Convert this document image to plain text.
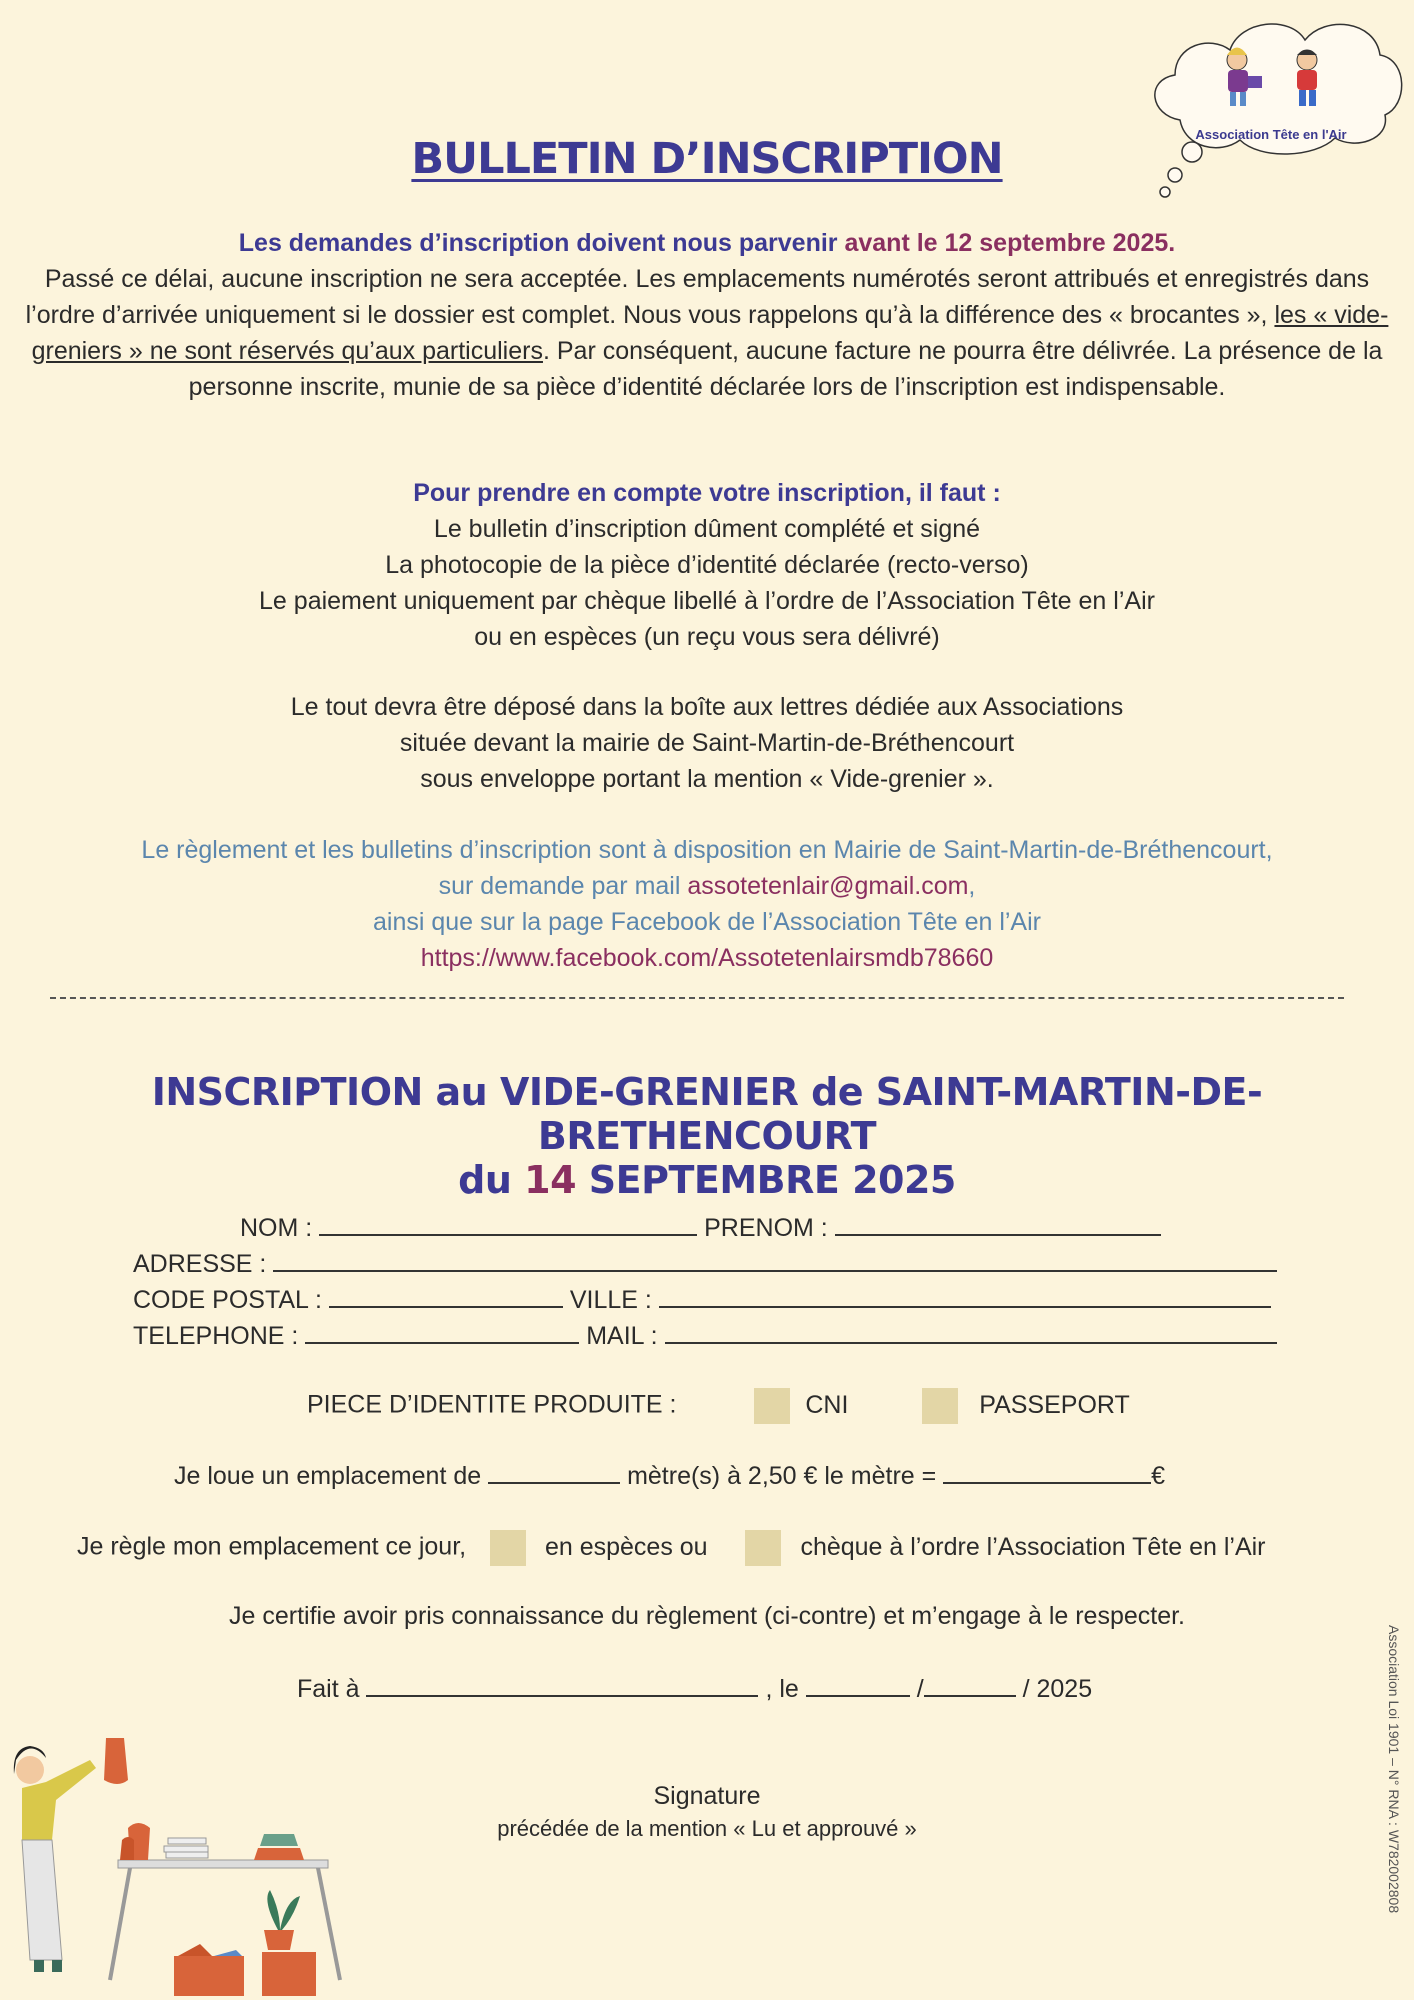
Association Tête en l'Air
BULLETIN D’INSCRIPTION
Les demandes d’inscription doivent nous parvenir avant le 12 septembre 2025.
Passé ce délai, aucune inscription ne sera acceptée. Les emplacements numérotés seront attribués et enregistrés dans l’ordre d’arrivée uniquement si le dossier est complet. Nous vous rappelons qu’à la différence des « brocantes », les « vide-greniers » ne sont réservés qu’aux particuliers. Par conséquent, aucune facture ne pourra être délivrée. La présence de la personne inscrite, munie de sa pièce d’identité déclarée lors de l’inscription est indispensable.
Pour prendre en compte votre inscription, il faut :
Le bulletin d’inscription dûment complété et signé
La photocopie de la pièce d’identité déclarée (recto-verso)
Le paiement uniquement par chèque libellé à l’ordre de l’Association Tête en l’Air
ou en espèces (un reçu vous sera délivré)
Le tout devra être déposé dans la boîte aux lettres dédiée aux Associations
située devant la mairie de Saint-Martin-de-Bréthencourt
sous enveloppe portant la mention « Vide-grenier ».
Le règlement et les bulletins d’inscription sont à disposition en Mairie de Saint-Martin-de-Bréthencourt,
sur demande par mail assotetenlair@gmail.com,
ainsi que sur la page Facebook de l’Association Tête en l’Air
https://www.facebook.com/Assotetenlairsmdb78660
INSCRIPTION au VIDE-GRENIER de SAINT-MARTIN-DE-BRETHENCOURT
du 14 SEPTEMBRE 2025
NOM :	PRENOM :
ADRESSE :
CODE POSTAL :	VILLE :
TELEPHONE :	MAIL :
PIECE D’IDENTITE PRODUITE :	CNI	PASSEPORT
Je loue un emplacement de	mètre(s) à 2,50 € le mètre =	€
Je règle mon emplacement ce jour,	en espèces ou	chèque à l’ordre l’Association Tête en l’Air
Je certifie avoir pris connaissance du règlement (ci-contre) et m’engage à le respecter.
Fait à	, le	/	/ 2025
Signature
précédée de la mention « Lu et approuvé »	Association Loi 1901 – N° RNA : W782002808
